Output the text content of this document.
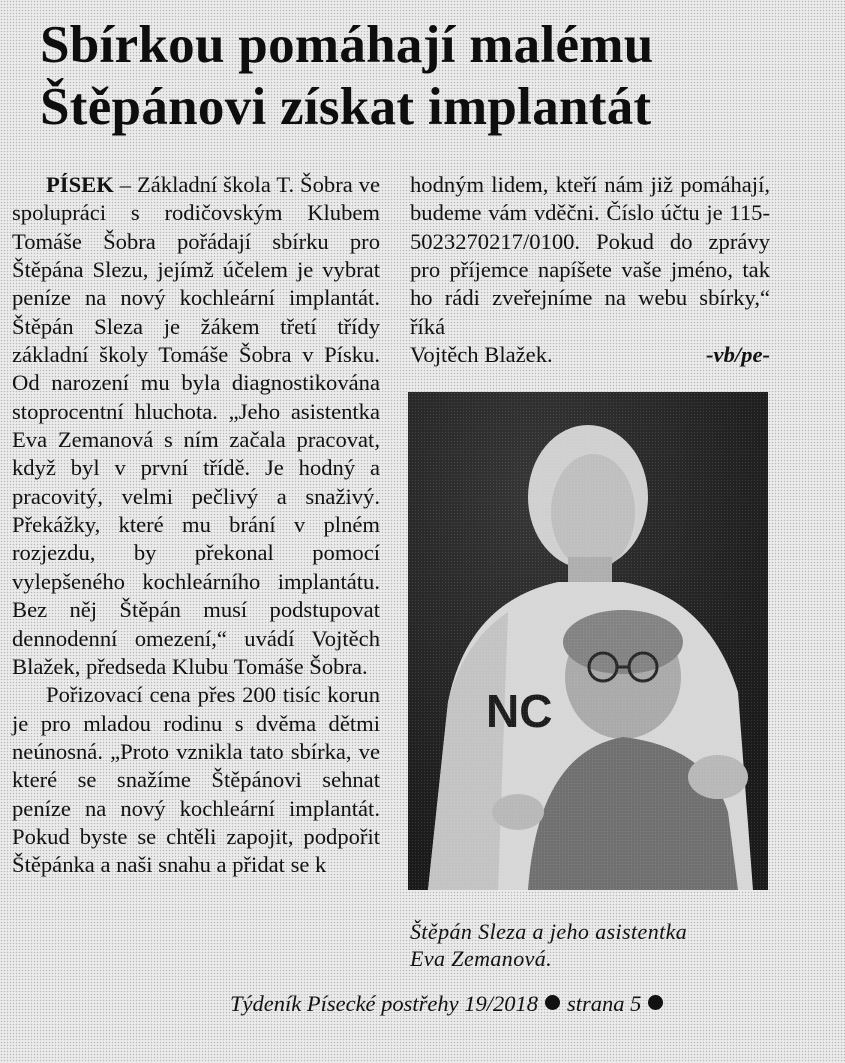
Sbírkou pomáhají malému
Štěpánovi získat implantát

PÍSEK – Základní škola T. Šobra ve spolupráci s rodičovským Klubem Tomáše Šobra pořádají sbírku pro Štěpána Slezu, jejímž účelem je vybrat peníze na nový kochleární implantát. Štěpán Sleza je žákem třetí třídy základní školy Tomáše Šobra v Písku. Od narození mu byla diagnostikována stoprocentní hluchota. „Jeho asistentka Eva Zemanová s ním začala pracovat, když byl v první třídě. Je hodný a pracovitý, velmi pečlivý a snaživý. Překážky, které mu brání v plném rozjezdu, by překonal pomocí vylepšeného kochleárního implantátu. Bez něj Štěpán musí podstupovat dennodenní omezení,“ uvádí Vojtěch Blažek, předseda Klubu Tomáše Šobra.

Pořizovací cena přes 200 tisíc korun je pro mladou rodinu s dvěma dětmi neúnosná. „Proto vznikla tato sbírka, ve které se snažíme Štěpánovi sehnat peníze na nový kochleární implantát. Pokud byste se chtěli zapojit, podpořit Štěpánka a naši snahu a přidat se k

hodným lidem, kteří nám již pomáhají, budeme vám vděčni. Číslo účtu je 115-5023270217/0100. Pokud do zprávy pro příjemce napíšete vaše jméno, tak ho rádi zveřejníme na webu sbírky,“ říká

Vojtěch Blažek.	-vb/pe-
Štěpán Sleza a jeho asistentka
Eva Zemanová.
Týdeník Písecké postřehy 19/2018 strana 5
